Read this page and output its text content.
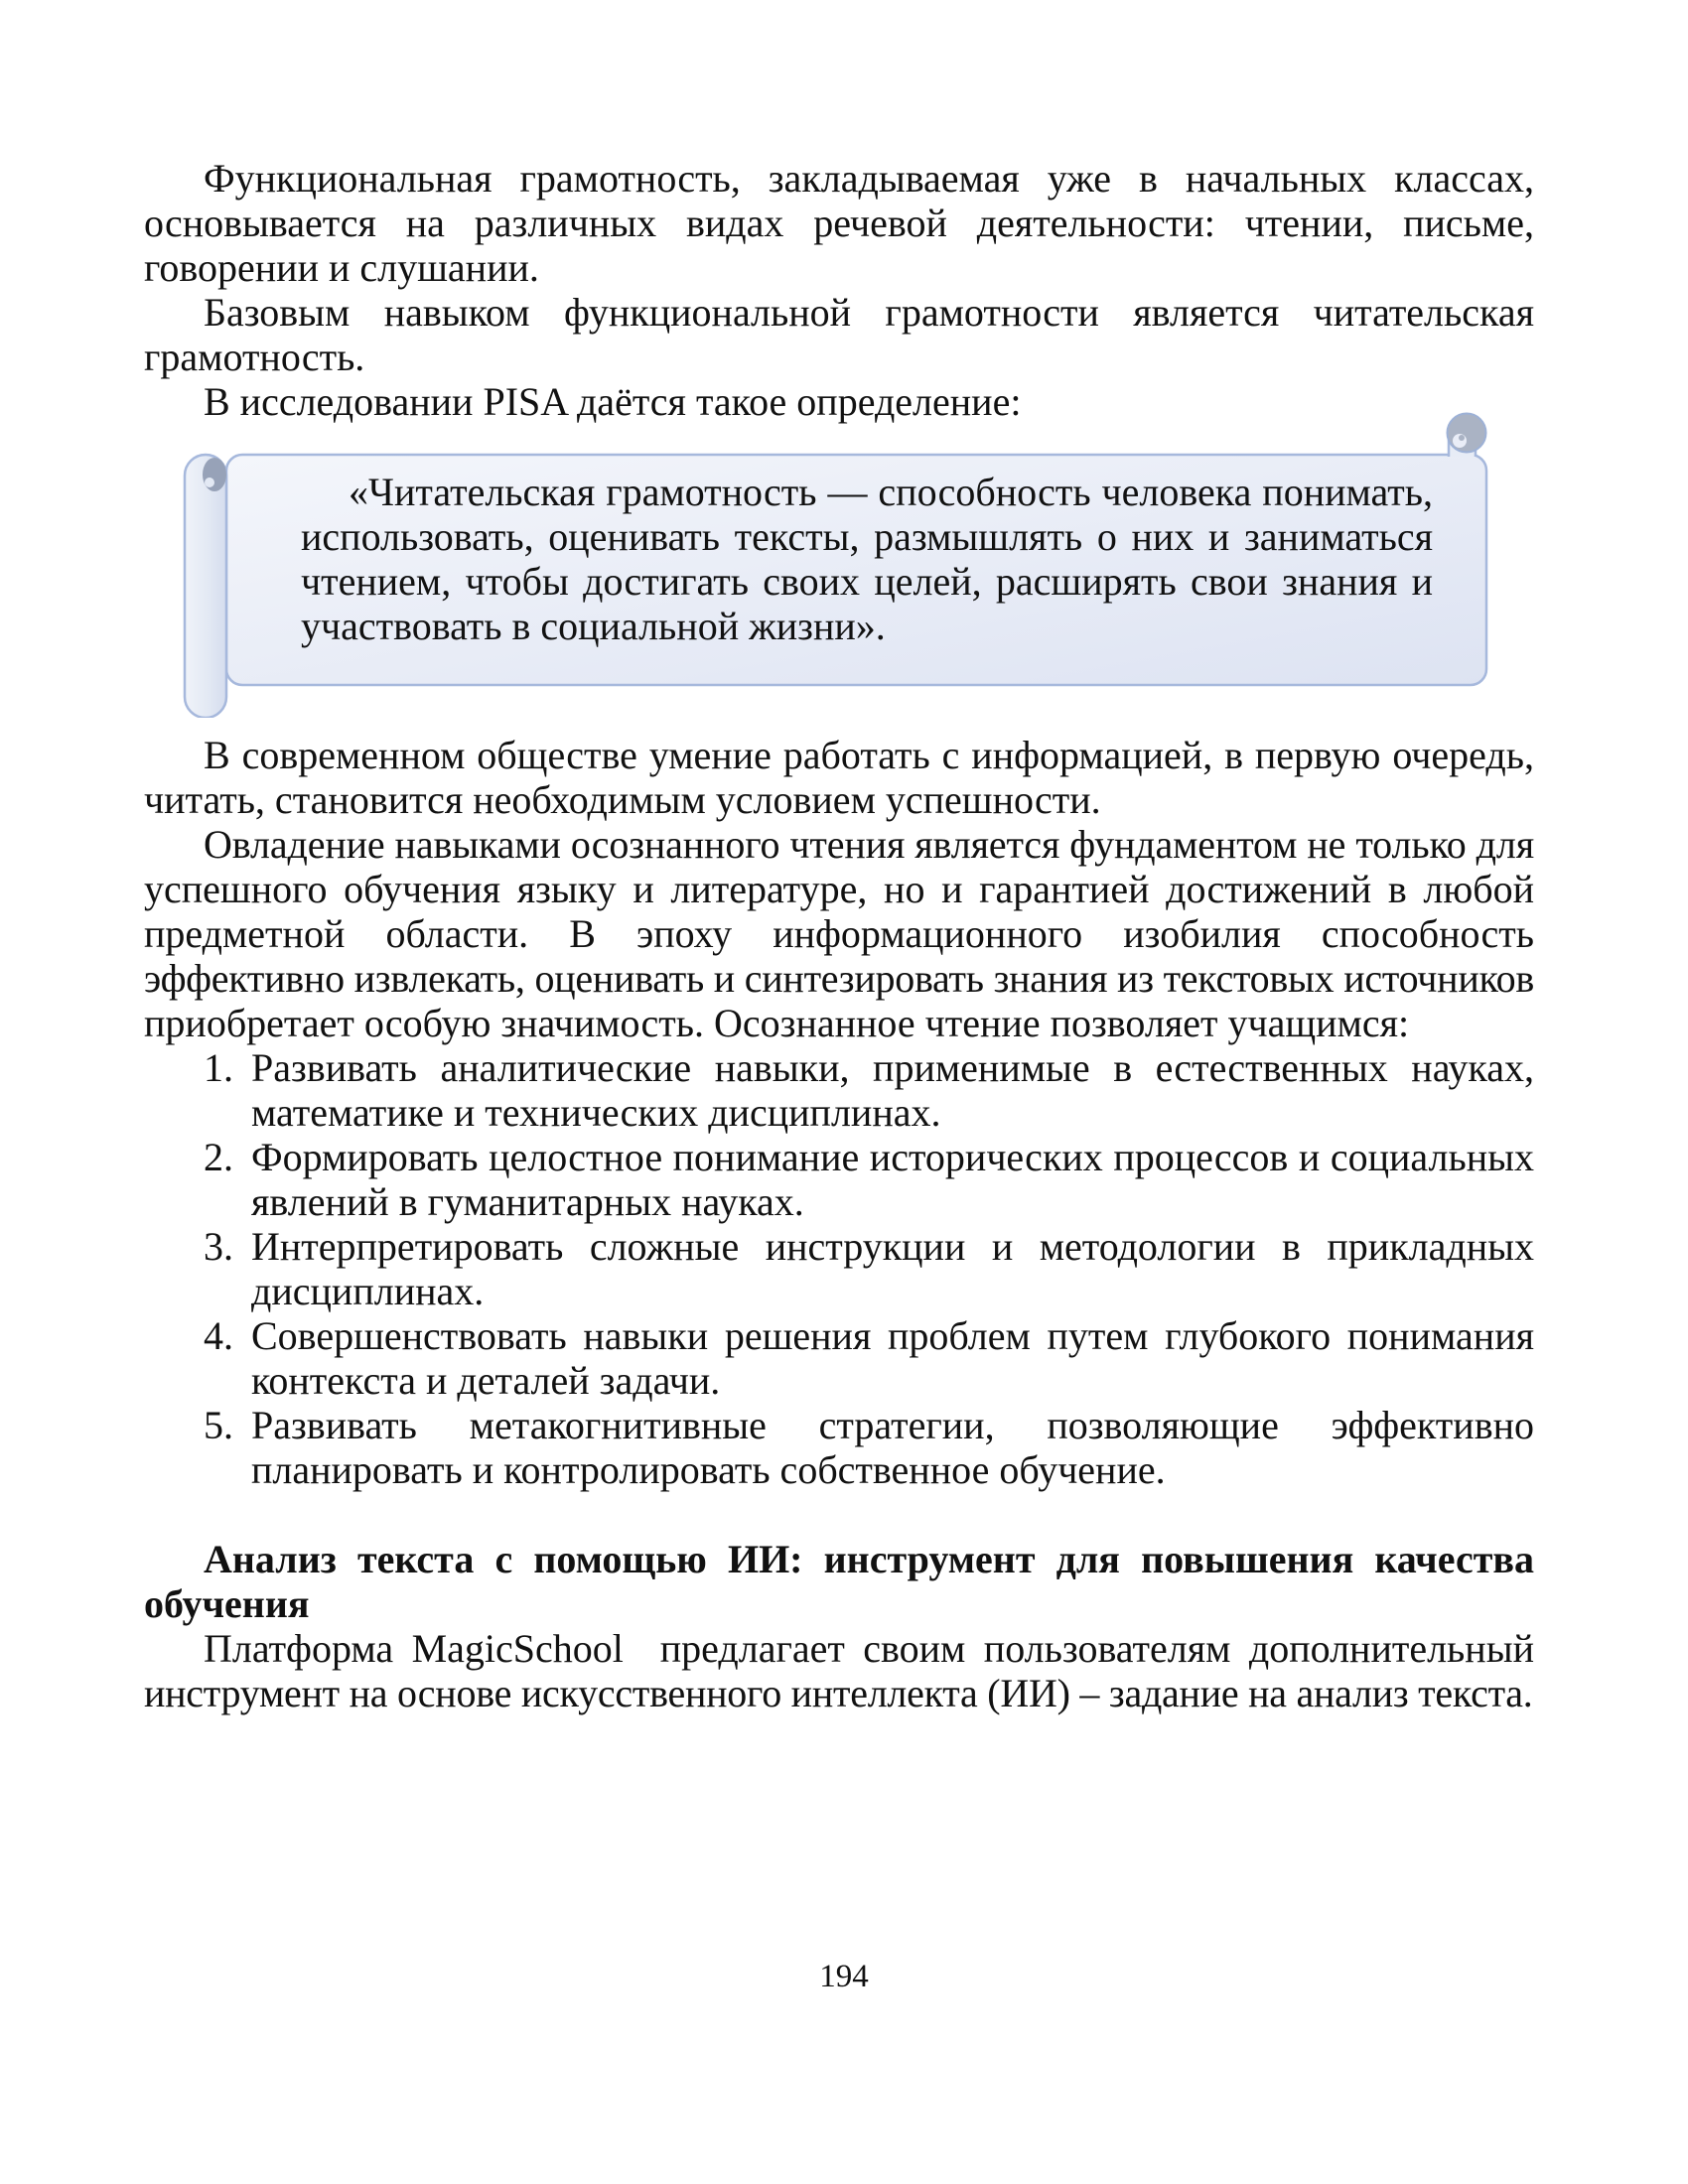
Функциональная грамотность, закладываемая уже в начальных классах,
основывается на различных видах речевой деятельности: чтении, письме,
говорении и слушании.
Базовым навыком функциональной грамотности является читательская
грамотность.
В исследовании PISA даётся такое определение:
«Читательская грамотность — способность человека понимать,
использовать, оценивать тексты, размышлять о них и заниматься
чтением, чтобы достигать своих целей, расширять свои знания и
участвовать в социальной жизни».
В современном обществе умение работать с информацией, в первую очередь,
читать, становится необходимым условием успешности.
Овладение навыками осознанного чтения является фундаментом не только для
успешного обучения языку и литературе, но и гарантией достижений в любой
предметной области. В эпоху информационного изобилия способность
эффективно извлекать, оценивать и синтезировать знания из текстовых источников
приобретает особую значимость. Осознанное чтение позволяет учащимся:
1. Развивать аналитические навыки, применимые в естественных науках,
математике и технических дисциплинах.
2. Формировать целостное понимание исторических процессов и социальных
явлений в гуманитарных науках.
3. Интерпретировать сложные инструкции и методологии в прикладных
дисциплинах.
4. Совершенствовать навыки решения проблем путем глубокого понимания
контекста и деталей задачи.
5. Развивать метакогнитивные стратегии, позволяющие эффективно
планировать и контролировать собственное обучение.
Анализ текста с помощью ИИ: инструмент для повышения качества
обучения
Платформа MagicSchool  предлагает своим пользователям дополнительный
инструмент на основе искусственного интеллекта (ИИ) – задание на анализ текста.
194
